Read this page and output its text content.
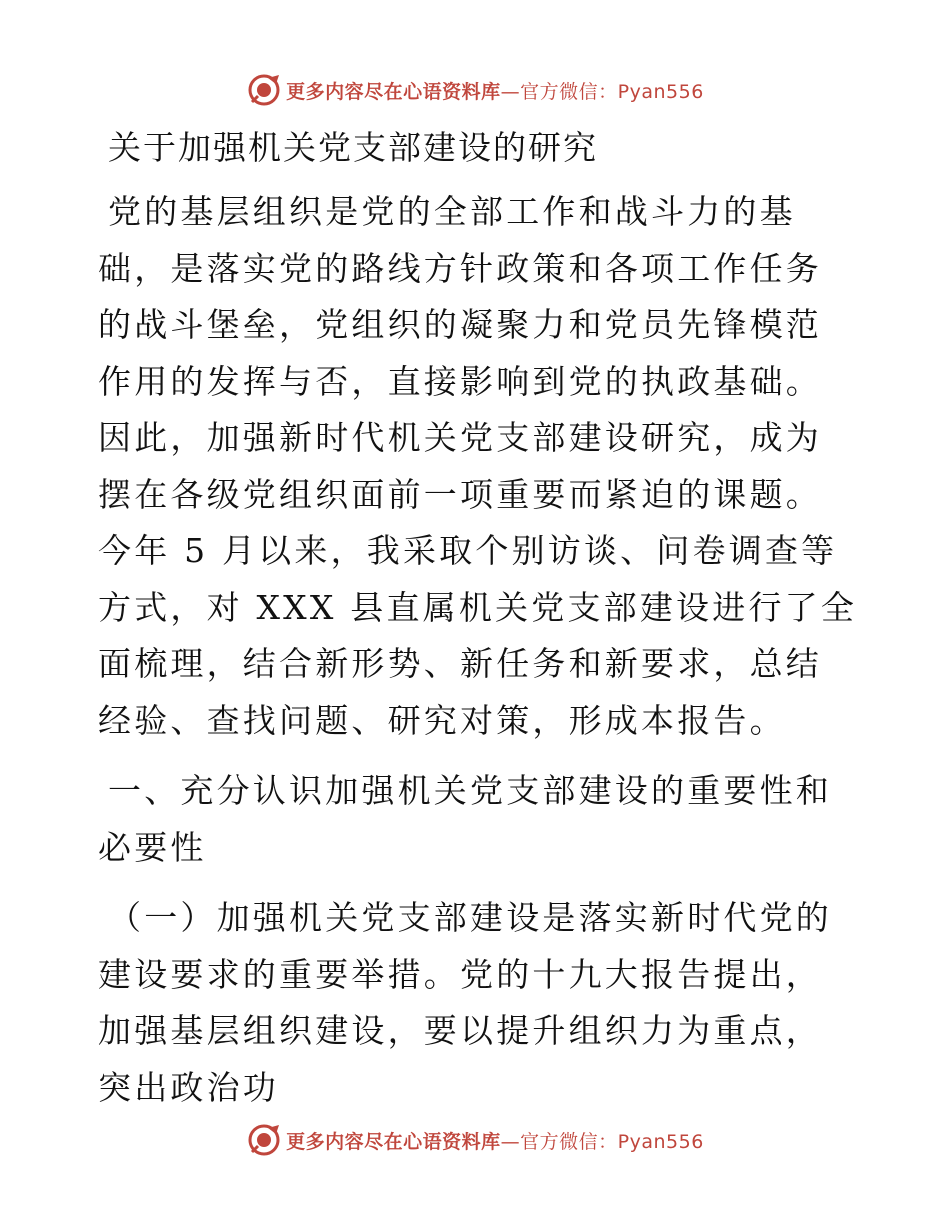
更多内容尽在心语资料库—官方微信：Pyan556
关于加强机关党支部建设的研究

党的基层组织是党的全部工作和战斗力的基础，是落实党的路线方针政策和各项工作任务的战斗堡垒，党组织的凝聚力和党员先锋模范作用的发挥与否，直接影响到党的执政基础。因此，加强新时代机关党支部建设研究，成为摆在各级党组织面前一项重要而紧迫的课题。今年 5 月以来，我采取个别访谈、问卷调查等方式，对 XXX 县直属机关党支部建设进行了全面梳理，结合新形势、新任务和新要求，总结经验、查找问题、研究对策，形成本报告。

一、充分认识加强机关党支部建设的重要性和必要性

（一）加强机关党支部建设是落实新时代党的建设要求的重要举措。党的十九大报告提出，加强基层组织建设，要以提升组织力为重点，突出政治功

更多内容尽在心语资料库—官方微信：Pyan556
